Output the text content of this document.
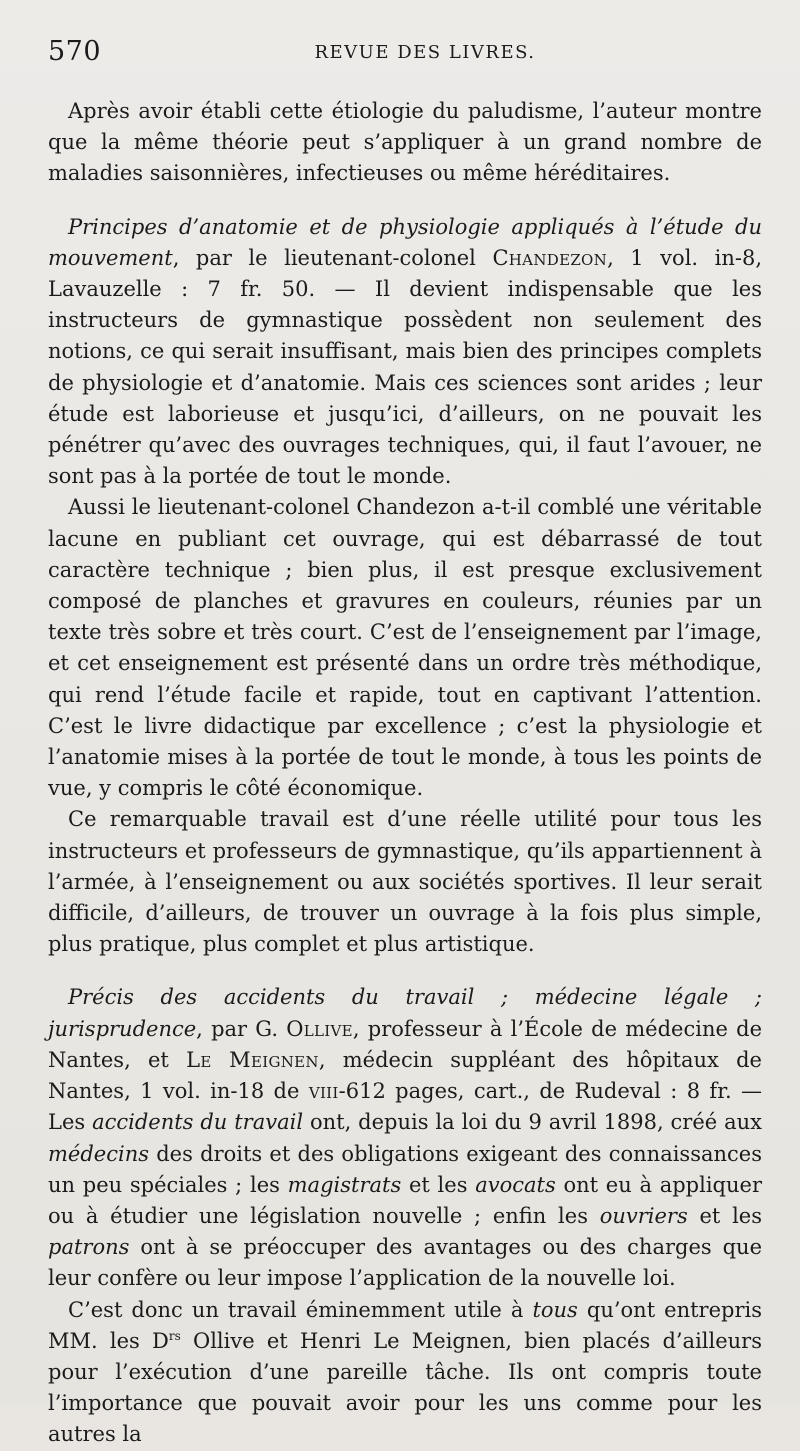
570	REVUE DES LIVRES.

Après avoir établi cette étiologie du paludisme, l’auteur montre que la même théorie peut s’appliquer à un grand nombre de maladies saisonnières, infectieuses ou même héréditaires.

Principes d’anatomie et de physiologie appliqués à l’étude du mouvement, par le lieutenant-colonel Chandezon, 1 vol. in-8, Lavauzelle : 7 fr. 50. — Il devient indispensable que les instructeurs de gymnastique possèdent non seulement des notions, ce qui serait insuffisant, mais bien des principes complets de physiologie et d’anatomie. Mais ces sciences sont arides ; leur étude est laborieuse et jusqu’ici, d’ailleurs, on ne pouvait les pénétrer qu’avec des ouvrages techniques, qui, il faut l’avouer, ne sont pas à la portée de tout le monde.

Aussi le lieutenant-colonel Chandezon a-t-il comblé une véritable lacune en publiant cet ouvrage, qui est débarrassé de tout caractère technique ; bien plus, il est presque exclusivement composé de planches et gravures en couleurs, réunies par un texte très sobre et très court. C’est de l’enseignement par l’image, et cet enseignement est présenté dans un ordre très méthodique, qui rend l’étude facile et rapide, tout en captivant l’attention. C’est le livre didactique par excellence ; c’est la physiologie et l’anatomie mises à la portée de tout le monde, à tous les points de vue, y compris le côté économique.

Ce remarquable travail est d’une réelle utilité pour tous les instructeurs et professeurs de gymnastique, qu’ils appartiennent à l’armée, à l’enseignement ou aux sociétés sportives. Il leur serait difficile, d’ailleurs, de trouver un ouvrage à la fois plus simple, plus pratique, plus complet et plus artistique.

Précis des accidents du travail ; médecine légale ; jurisprudence, par G. Ollive, professeur à l’École de médecine de Nantes, et Le Meignen, médecin suppléant des hôpitaux de Nantes, 1 vol. in-18 de viii-612 pages, cart., de Rudeval : 8 fr. — Les accidents du travail ont, depuis la loi du 9 avril 1898, créé aux médecins des droits et des obligations exigeant des connaissances un peu spéciales ; les magistrats et les avocats ont eu à appliquer ou à étudier une législation nouvelle ; enfin les ouvriers et les patrons ont à se préoccuper des avantages ou des charges que leur confère ou leur impose l’application de la nouvelle loi.

C’est donc un travail éminemment utile à tous qu’ont entrepris MM. les $D^{rs}$ Ollive et Henri Le Meignen, bien placés d’ailleurs pour l’exécution d’une pareille tâche. Ils ont compris toute l’importance que pouvait avoir pour les uns comme pour les autres la
